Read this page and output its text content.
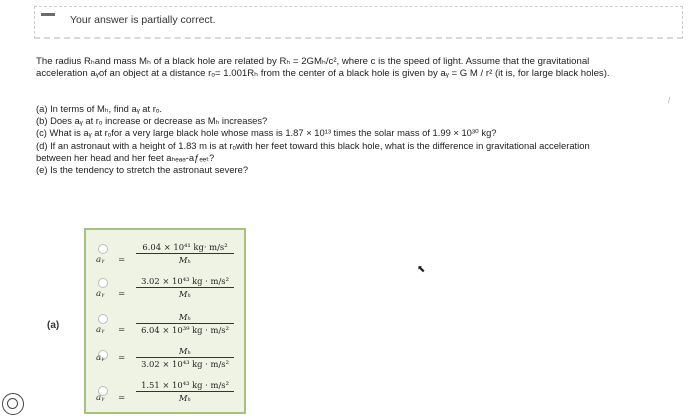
Your answer is partially correct.

The radius Rₕand mass Mₕ of a black hole are related by Rₕ = 2GMₕ/c², where c is the speed of light. Assume that the gravitational

acceleration aᵧof an object at a distance rₒ= 1.001Rₕ from the center of a black hole is given by aᵧ = G M / r² (it is, for large black holes).

/
(a) In terms of Mₕ, find aᵧ at rₒ.
(b) Does aᵧ at rₒ increase or decrease as Mₕ increases?
(c) What is aᵧ at rₒfor a very large black hole whose mass is 1.87 × 10¹³ times the solar mass of 1.99 × 10³⁰ kg?
(d) If an astronaut with a height of 1.83 m is at rₒwith her feet toward this black hole, what is the difference in gravitational acceleration
between her head and her feet aₕₑₐₔ-aƒₑₑₜ?
(e) Is the tendency to stretch the astronaut severe?
(a)
aᵧ =
6.04 × 10⁴¹ kg· m/s²
Mₕ
aᵧ =
3.02 × 10⁴³ kg · m/s²
Mₕ
aᵧ =
Mₕ
6.04 × 10³⁹ kg · m/s²
aᵧ =
Mₕ
3.02 × 10⁴³ kg · m/s²
aᵧ =
1.51 × 10⁴³ kg · m/s²
Mₕ
⬉
